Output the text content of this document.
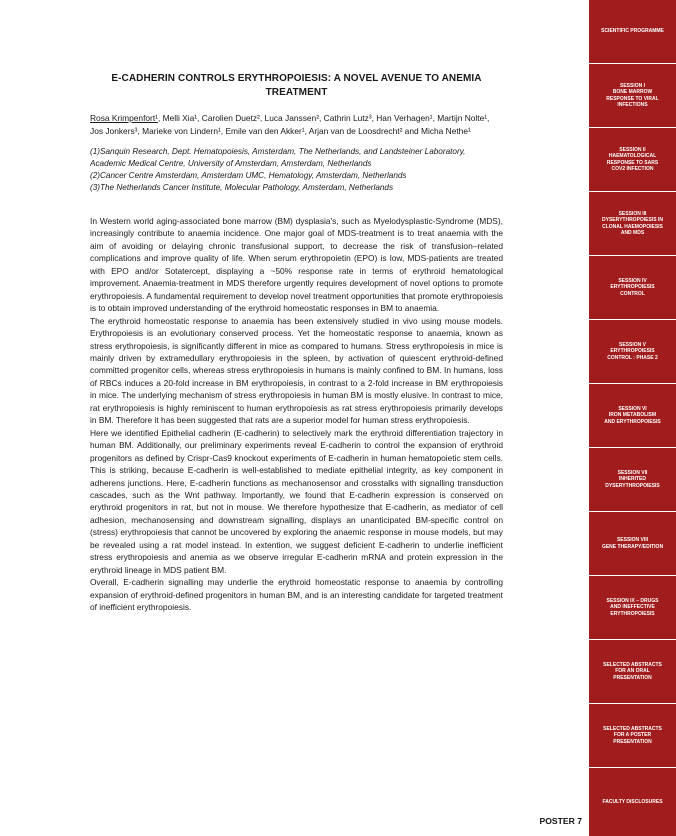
E-CADHERIN CONTROLS ERYTHROPOIESIS: A NOVEL AVENUE TO ANEMIA TREATMENT
Rosa Krimpenfort¹, Melli Xia¹, Carolien Duetz², Luca Janssen², Cathrin Lutz³, Han Verhagen¹, Martijn Nolte¹, Jos Jonkers³, Marieke von Lindern¹, Emile van den Akker¹, Arjan van de Loosdrecht² and Micha Nethe¹
(1)Sanquin Research, Dept. Hematopoiesis, Amsterdam, The Netherlands, and Landsteiner Laboratory,
Academic Medical Centre, University of Amsterdam, Amsterdam, Netherlands
(2)Cancer Centre Amsterdam, Amsterdam UMC, Hematology, Amsterdam, Netherlands
(3)The Netherlands Cancer Institute, Molecular Pathology, Amsterdam, Netherlands

In Western world aging-associated bone marrow (BM) dysplasia's, such as Myelodysplastic-Syndrome (MDS), increasingly contribute to anaemia incidence. One major goal of MDS-treatment is to treat anaemia with the aim of avoiding or delaying chronic transfusional support, to decrease the risk of transfusion–related complications and improve quality of life. When serum erythropoietin (EPO) is low, MDS-patients are treated with EPO and/or Sotatercept, displaying a ~50% response rate in terms of erythroid hematological improvement. Anaemia-treatment in MDS therefore urgently requires development of novel options to promote erythropoiesis. A fundamental requirement to develop novel treatment opportunities that promote erythropoiesis is to obtain improved understanding of the erythroid homeostatic responses in BM to anaemia.

The erythroid homeostatic response to anaemia has been extensively studied in vivo using mouse models. Erythropoiesis is an evolutionary conserved process. Yet the homeostatic response to anaemia, known as stress erythropoiesis, is significantly different in mice as compared to humans. Stress erythropoiesis in mice is mainly driven by extramedullary erythropoiesis in the spleen, by activation of quiescent erythroid-defined committed progenitor cells, whereas stress erythropoiesis in humans is mainly confined to BM. In humans, loss of RBCs induces a 20-fold increase in BM erythropoiesis, in contrast to a 2-fold increase in BM erythropoiesis in mice. The underlying mechanism of stress erythropoiesis in human BM is mostly elusive. In contrast to mice, rat erythropoiesis is highly reminiscent to human erythropoiesis as rat stress erythropoiesis primarily develops in BM. Therefore it has been suggested that rats are a superior model for human stress erythropoiesis.

Here we identified Epithelial cadherin (E-cadherin) to selectively mark the erythroid differentiation trajectory in human BM. Additionally, our preliminary experiments reveal E-cadherin to control the expansion of erythroid progenitors as defined by Crispr-Cas9 knockout experiments of E-cadherin in human hematopoietic stem cells. This is striking, because E-cadherin is well-established to mediate epithelial integrity, as key component in adherens junctions. Here, E-cadherin functions as mechanosensor and crosstalks with signalling transduction cascades, such as the Wnt pathway. Importantly, we found that E-cadherin expression is conserved on erythroid progenitors in rat, but not in mouse. We therefore hypothesize that E-cadherin, as mediator of cell adhesion, mechanosensing and downstream signalling, displays an unanticipated BM-specific control on (stress) erythropoiesis that cannot be uncovered by exploring the anaemic response in mouse models, but may be revealed using a rat model instead. In extention, we suggest deficient E-cadherin to underlie inefficient stress erythropoiesis and anemia as we observe irregular E-cadherin mRNA and protein expression in the erythroid lineage in MDS patient BM.

Overall, E-cadherin signalling may underlie the erythroid homeostatic response to anaemia by controlling expansion of erythroid-defined progenitors in human BM, and is an interesting candidate for targeted treatment of inefficient erythropoiesis.

SCIENTIFIC PROGRAMME
SESSION I
BONE MARROW
RESPONSE TO VIRAL
INFECTIONS
SESSION II
HAEMATOLOGICAL
RESPONSE TO SARS
COV2 INFECTION
SESSION III
DYSERYTHROPOIESIS IN
CLONAL HAEMOPOIESIS
AND MDS
SESSION IV
ERYTHROPOIESIS
CONTROL
SESSION V
ERYTHROPOIESIS
CONTROL : PHASE 2
SESSION VI
IRON METABOLISM
AND ERYTHROPOIESIS
SESSION VII
INHERITED
DYSERYTHROPOIESIS
SESSION VIII
GENE THERAPY/EDITION
SESSION IX – DRUGS
AND INEFFECTIVE
ERYTHROPOIESIS
SELECTED ABSTRACTS
FOR AN ORAL
PRESENTATION
SELECTED ABSTRACTS
FOR A POSTER
PRESENTATION
FACULTY DISCLOSURES
POSTER 7
